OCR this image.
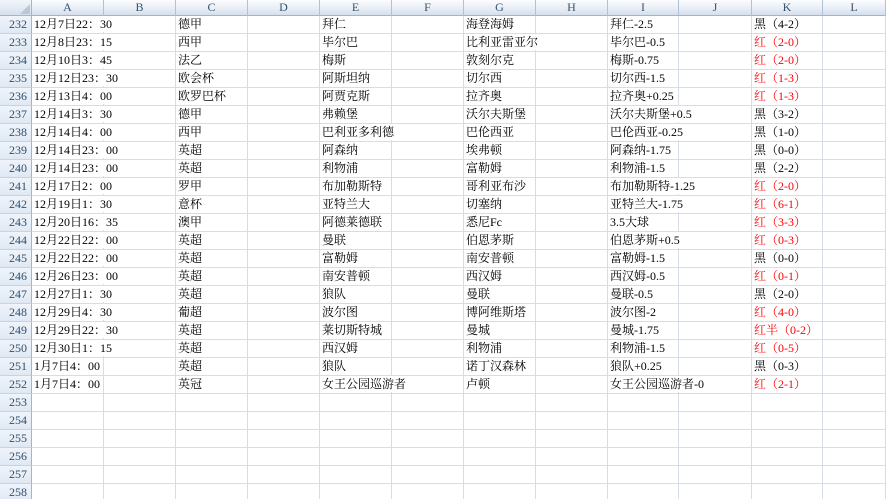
A	B	C	D	E	F	G	H	I	J	K	L
232 12月7日22：30	德甲	拜仁	海登海姆	拜仁-2.5	黑（4-2）
233 12月8日23：15	西甲	毕尔巴	比利亚雷亚尔	毕尔巴-0.5	红（2-0）
234 12月10日3：45	法乙	梅斯	敦刻尔克	梅斯-0.75	红（2-0）
235 12月12日23：30	欧会杯	阿斯坦纳	切尔西	切尔西-1.5	红（1-3）
236 12月13日4：00	欧罗巴杯	阿贾克斯	拉齐奥	拉齐奥+0.25	红（1-3）
237 12月14日3：30	德甲	弗赖堡	沃尔夫斯堡	沃尔夫斯堡+0.5	黑（3-2）
238 12月14日4：00	西甲	巴利亚多利德	巴伦西亚	巴伦西亚-0.25	黑（1-0）
239 12月14日23：00	英超	阿森纳	埃弗顿	阿森纳-1.75	黑（0-0）
240 12月14日23：00	英超	利物浦	富勒姆	利物浦-1.5	黑（2-2）
241 12月17日2：00	罗甲	布加勒斯特	哥利亚布沙	布加勒斯特-1.25	红（2-0）
242 12月19日1：30	意杯	亚特兰大	切塞纳	亚特兰大-1.75	红（6-1）
243 12月20日16：35	澳甲	阿德莱德联	悉尼Fc	3.5大球	红（3-3）
244 12月22日22：00	英超	曼联	伯恩茅斯	伯恩茅斯+0.5	红（0-3）
245 12月22日22：00	英超	富勒姆	南安普顿	富勒姆-1.5	黑（0-0）
246 12月26日23：00	英超	南安普顿	西汉姆	西汉姆-0.5	红（0-1）
247 12月27日1：30	英超	狼队	曼联	曼联-0.5	黑（2-0）
248 12月29日4：30	葡超	波尔图	博阿维斯塔	波尔图-2	红（4-0）
249 12月29日22：30	英超	莱切斯特城	曼城	曼城-1.75	红半（0-2）
250 12月30日1：15	英超	西汉姆	利物浦	利物浦-1.5	红（0-5）
251 1月7日4：00	英超	狼队	诺丁汉森林	狼队+0.25	黑（0-3）
252 1月7日4：00	英冠	女王公园巡游者	卢顿	女王公园巡游者-0	红（2-1）
253
254
255
256
257
258
